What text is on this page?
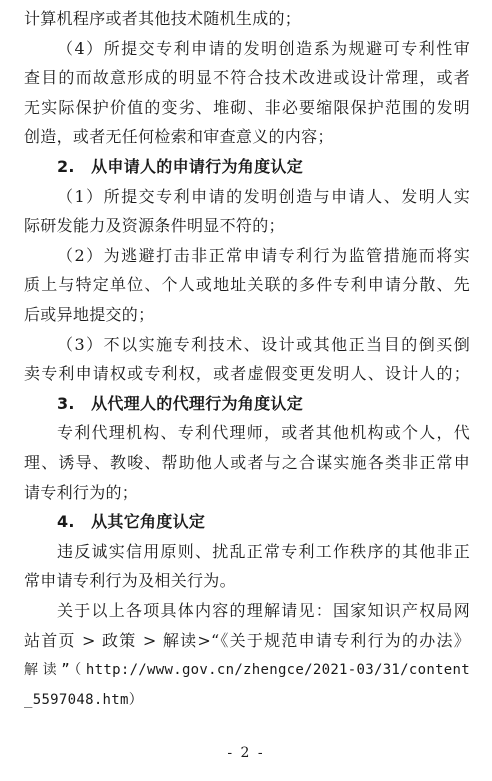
计算机程序或者其他技术随机生成的；
（4）所提交专利申请的发明创造系为规避可专利性审
查目的而故意形成的明显不符合技术改进或设计常理，或者
无实际保护价值的变劣、堆砌、非必要缩限保护范围的发明
创造，或者无任何检索和审查意义的内容；
2.　从申请人的申请行为角度认定
（1）所提交专利申请的发明创造与申请人、发明人实
际研发能力及资源条件明显不符的；
（2）为逃避打击非正常申请专利行为监管措施而将实
质上与特定单位、个人或地址关联的多件专利申请分散、先
后或异地提交的；
（3）不以实施专利技术、设计或其他正当目的倒买倒
卖专利申请权或专利权，或者虚假变更发明人、设计人的；
3.　从代理人的代理行为角度认定
专利代理机构、专利代理师，或者其他机构或个人，代
理、诱导、教唆、帮助他人或者与之合谋实施各类非正常申
请专利行为的；
4.　从其它角度认定
违反诚实信用原则、扰乱正常专利工作秩序的其他非正
常申请专利行为及相关行为。
关于以上各项具体内容的理解请见：国家知识产权局网
站首页 > 政策 > 解读>“《关于规范申请专利行为的办法》
解读”（http://www.gov.cn/zhengce/2021-03/31/content
_5597048.htm）
- 2 -
